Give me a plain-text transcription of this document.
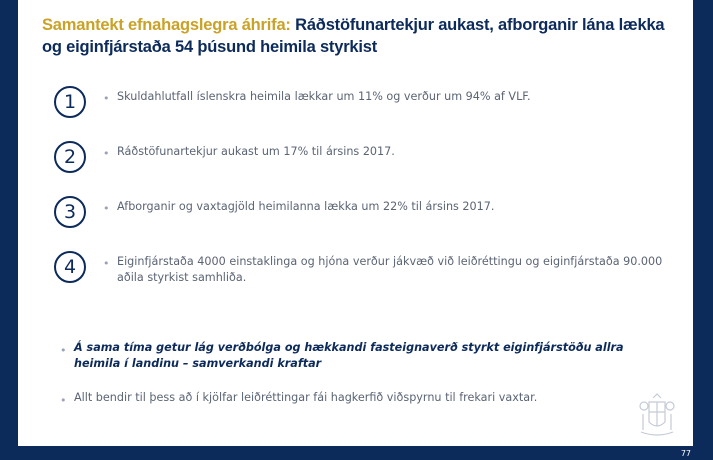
Samantekt efnahagslegra áhrifa: Ráðstöfunartekjur aukast, afborganir lána lækka og eiginfjárstaða 54 þúsund heimila styrkist
1	• Skuldahlutfall íslenskra heimila lækkar um 11% og verður um 94% af VLF.
2	• Ráðstöfunartekjur aukast um 17% til ársins 2017.
3	• Afborganir og vaxtagjöld heimilanna lækka um 22% til ársins 2017.
4	• Eiginfjárstaða 4000 einstaklinga og hjóna verður jákvæð við leiðréttingu og eiginfjárstaða 90.000 aðila styrkist samhliða.
• Á sama tíma getur lág verðbólga og hækkandi fasteignaverð styrkt eiginfjárstöðu allra heimila í landinu – samverkandi kraftar
• Allt bendir til þess að í kjölfar leiðréttingar fái hagkerfið viðspyrnu til frekari vaxtar.
77
